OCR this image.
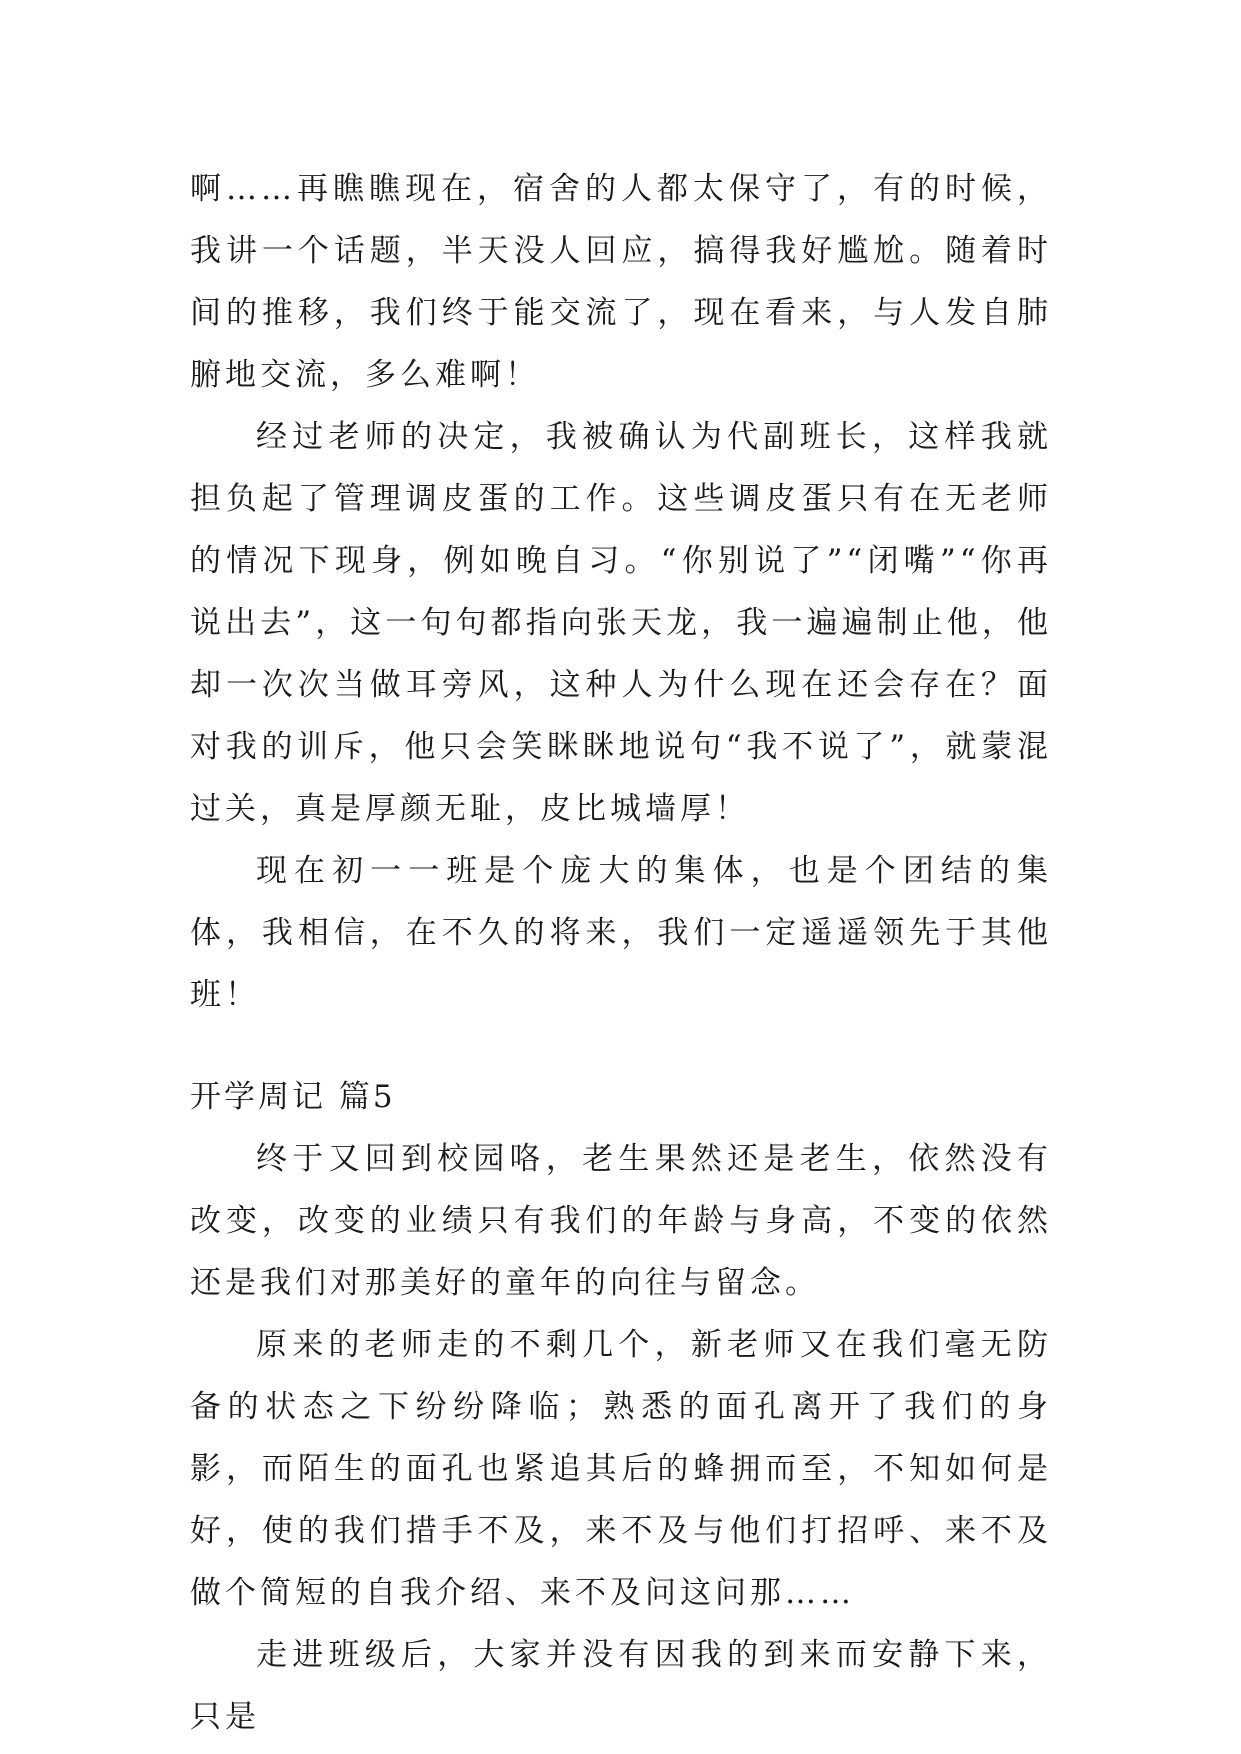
啊……再瞧瞧现在，宿舍的人都太保守了，有的时候，我讲一个话题，半天没人回应，搞得我好尴尬。随着时间的推移，我们终于能交流了，现在看来，与人发自肺腑地交流，多么难啊！

经过老师的决定，我被确认为代副班长，这样我就担负起了管理调皮蛋的工作。这些调皮蛋只有在无老师的情况下现身，例如晚自习。“你别说了”“闭嘴”“你再说出去”，这一句句都指向张天龙，我一遍遍制止他，他却一次次当做耳旁风，这种人为什么现在还会存在？面对我的训斥，他只会笑眯眯地说句“我不说了”，就蒙混过关，真是厚颜无耻，皮比城墙厚！

现在初一一班是个庞大的集体，也是个团结的集体，我相信，在不久的将来，我们一定遥遥领先于其他班！

开学周记 篇5

终于又回到校园咯，老生果然还是老生，依然没有改变，改变的业绩只有我们的年龄与身高，不变的依然还是我们对那美好的童年的向往与留念。

原来的老师走的不剩几个，新老师又在我们毫无防备的状态之下纷纷降临；熟悉的面孔离开了我们的身影，而陌生的面孔也紧追其后的蜂拥而至，不知如何是好，使的我们措手不及，来不及与他们打招呼、来不及做个简短的自我介绍、来不及问这问那……

走进班级后，大家并没有因我的到来而安静下来，只是
